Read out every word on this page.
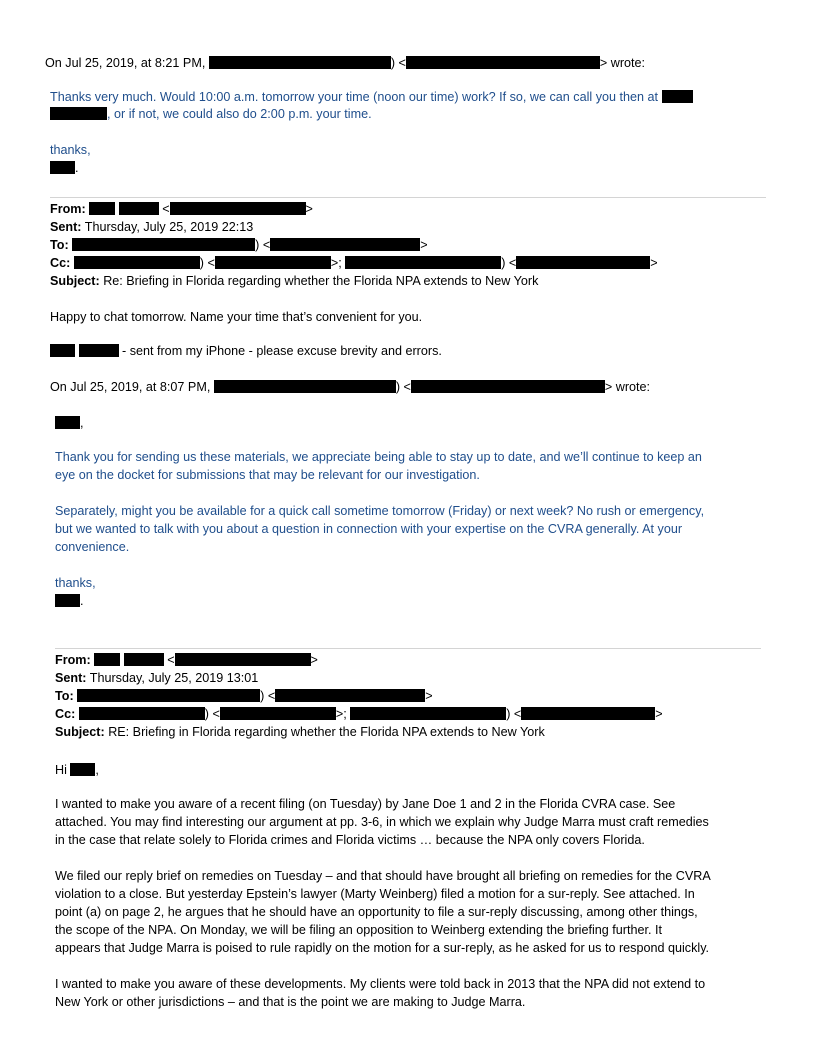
On Jul 25, 2019, at 8:21 PM,	) <	> wrote:
Thanks very much. Would 10:00 a.m. tomorrow your time (noon our time) work? If so, we can call you then at
, or if not, we could also do 2:00 p.m. your time.
thanks,
.
From:	<	>
Sent: Thursday, July 25, 2019 22:13
To:	) <	>
Cc:	) <	>;	) <	>
Subject: Re: Briefing in Florida regarding whether the Florida NPA extends to New York
Happy to chat tomorrow. Name your time that’s convenient for you.
- sent from my iPhone - please excuse brevity and errors.
On Jul 25, 2019, at 8:07 PM,	) <	> wrote:
,
Thank you for sending us these materials, we appreciate being able to stay up to date, and we’ll continue to keep an
eye on the docket for submissions that may be relevant for our investigation.
Separately, might you be available for a quick call sometime tomorrow (Friday) or next week? No rush or emergency,
but we wanted to talk with you about a question in connection with your expertise on the CVRA generally. At your
convenience.
thanks,
.
From:	<	>
Sent: Thursday, July 25, 2019 13:01
To:	) <	>
Cc:	) <	>;	) <	>
Subject: RE: Briefing in Florida regarding whether the Florida NPA extends to New York
Hi ,
I wanted to make you aware of a recent filing (on Tuesday) by Jane Doe 1 and 2 in the Florida CVRA case. See
attached. You may find interesting our argument at pp. 3-6, in which we explain why Judge Marra must craft remedies
in the case that relate solely to Florida crimes and Florida victims … because the NPA only covers Florida.
We filed our reply brief on remedies on Tuesday – and that should have brought all briefing on remedies for the CVRA
violation to a close. But yesterday Epstein’s lawyer (Marty Weinberg) filed a motion for a sur-reply. See attached. In
point (a) on page 2, he argues that he should have an opportunity to file a sur-reply discussing, among other things,
the scope of the NPA. On Monday, we will be filing an opposition to Weinberg extending the briefing further. It
appears that Judge Marra is poised to rule rapidly on the motion for a sur-reply, as he asked for us to respond quickly.
I wanted to make you aware of these developments. My clients were told back in 2013 that the NPA did not extend to
New York or other jurisdictions – and that is the point we are making to Judge Marra.
